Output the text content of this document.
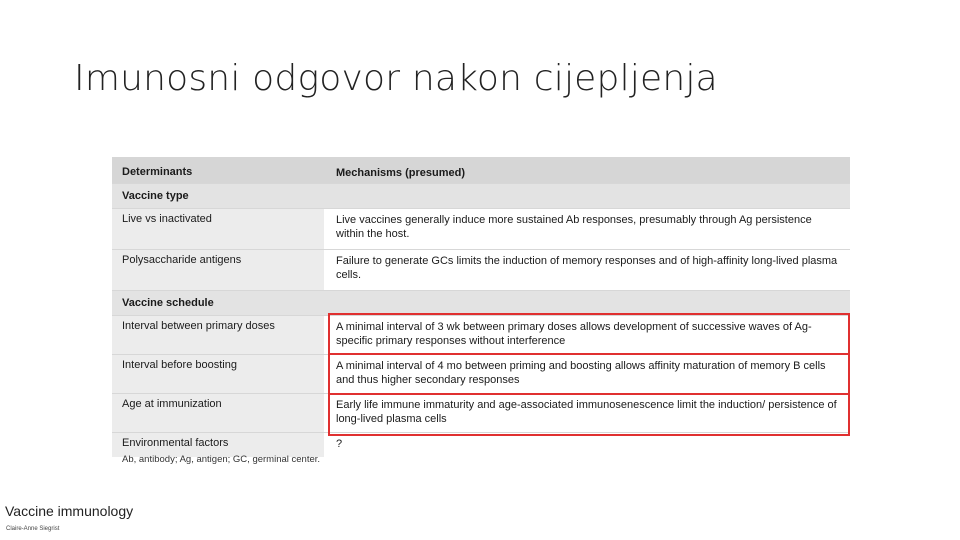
Imunosni odgovor nakon cijepljenja
Determinants	Mechanisms (presumed)
Vaccine type
Live vs inactivated	Live vaccines generally induce more sustained Ab responses, presumably through Ag persistence within the host.
Polysaccharide antigens	Failure to generate GCs limits the induction of memory responses and of high-affinity long-lived plasma cells.
Vaccine schedule
Interval between primary doses	A minimal interval of 3 wk between primary doses allows development of successive waves of Ag-specific primary responses without interference
Interval before boosting	A minimal interval of 4 mo between priming and boosting allows affinity maturation of memory B cells and thus higher secondary responses
Age at immunization	Early life immune immaturity and age-associated immunosenescence limit the induction/ persistence of long-lived plasma cells
Environmental factors	?
Ab, antibody; Ag, antigen; GC, germinal center.
Vaccine immunology
Claire-Anne Siegrist
